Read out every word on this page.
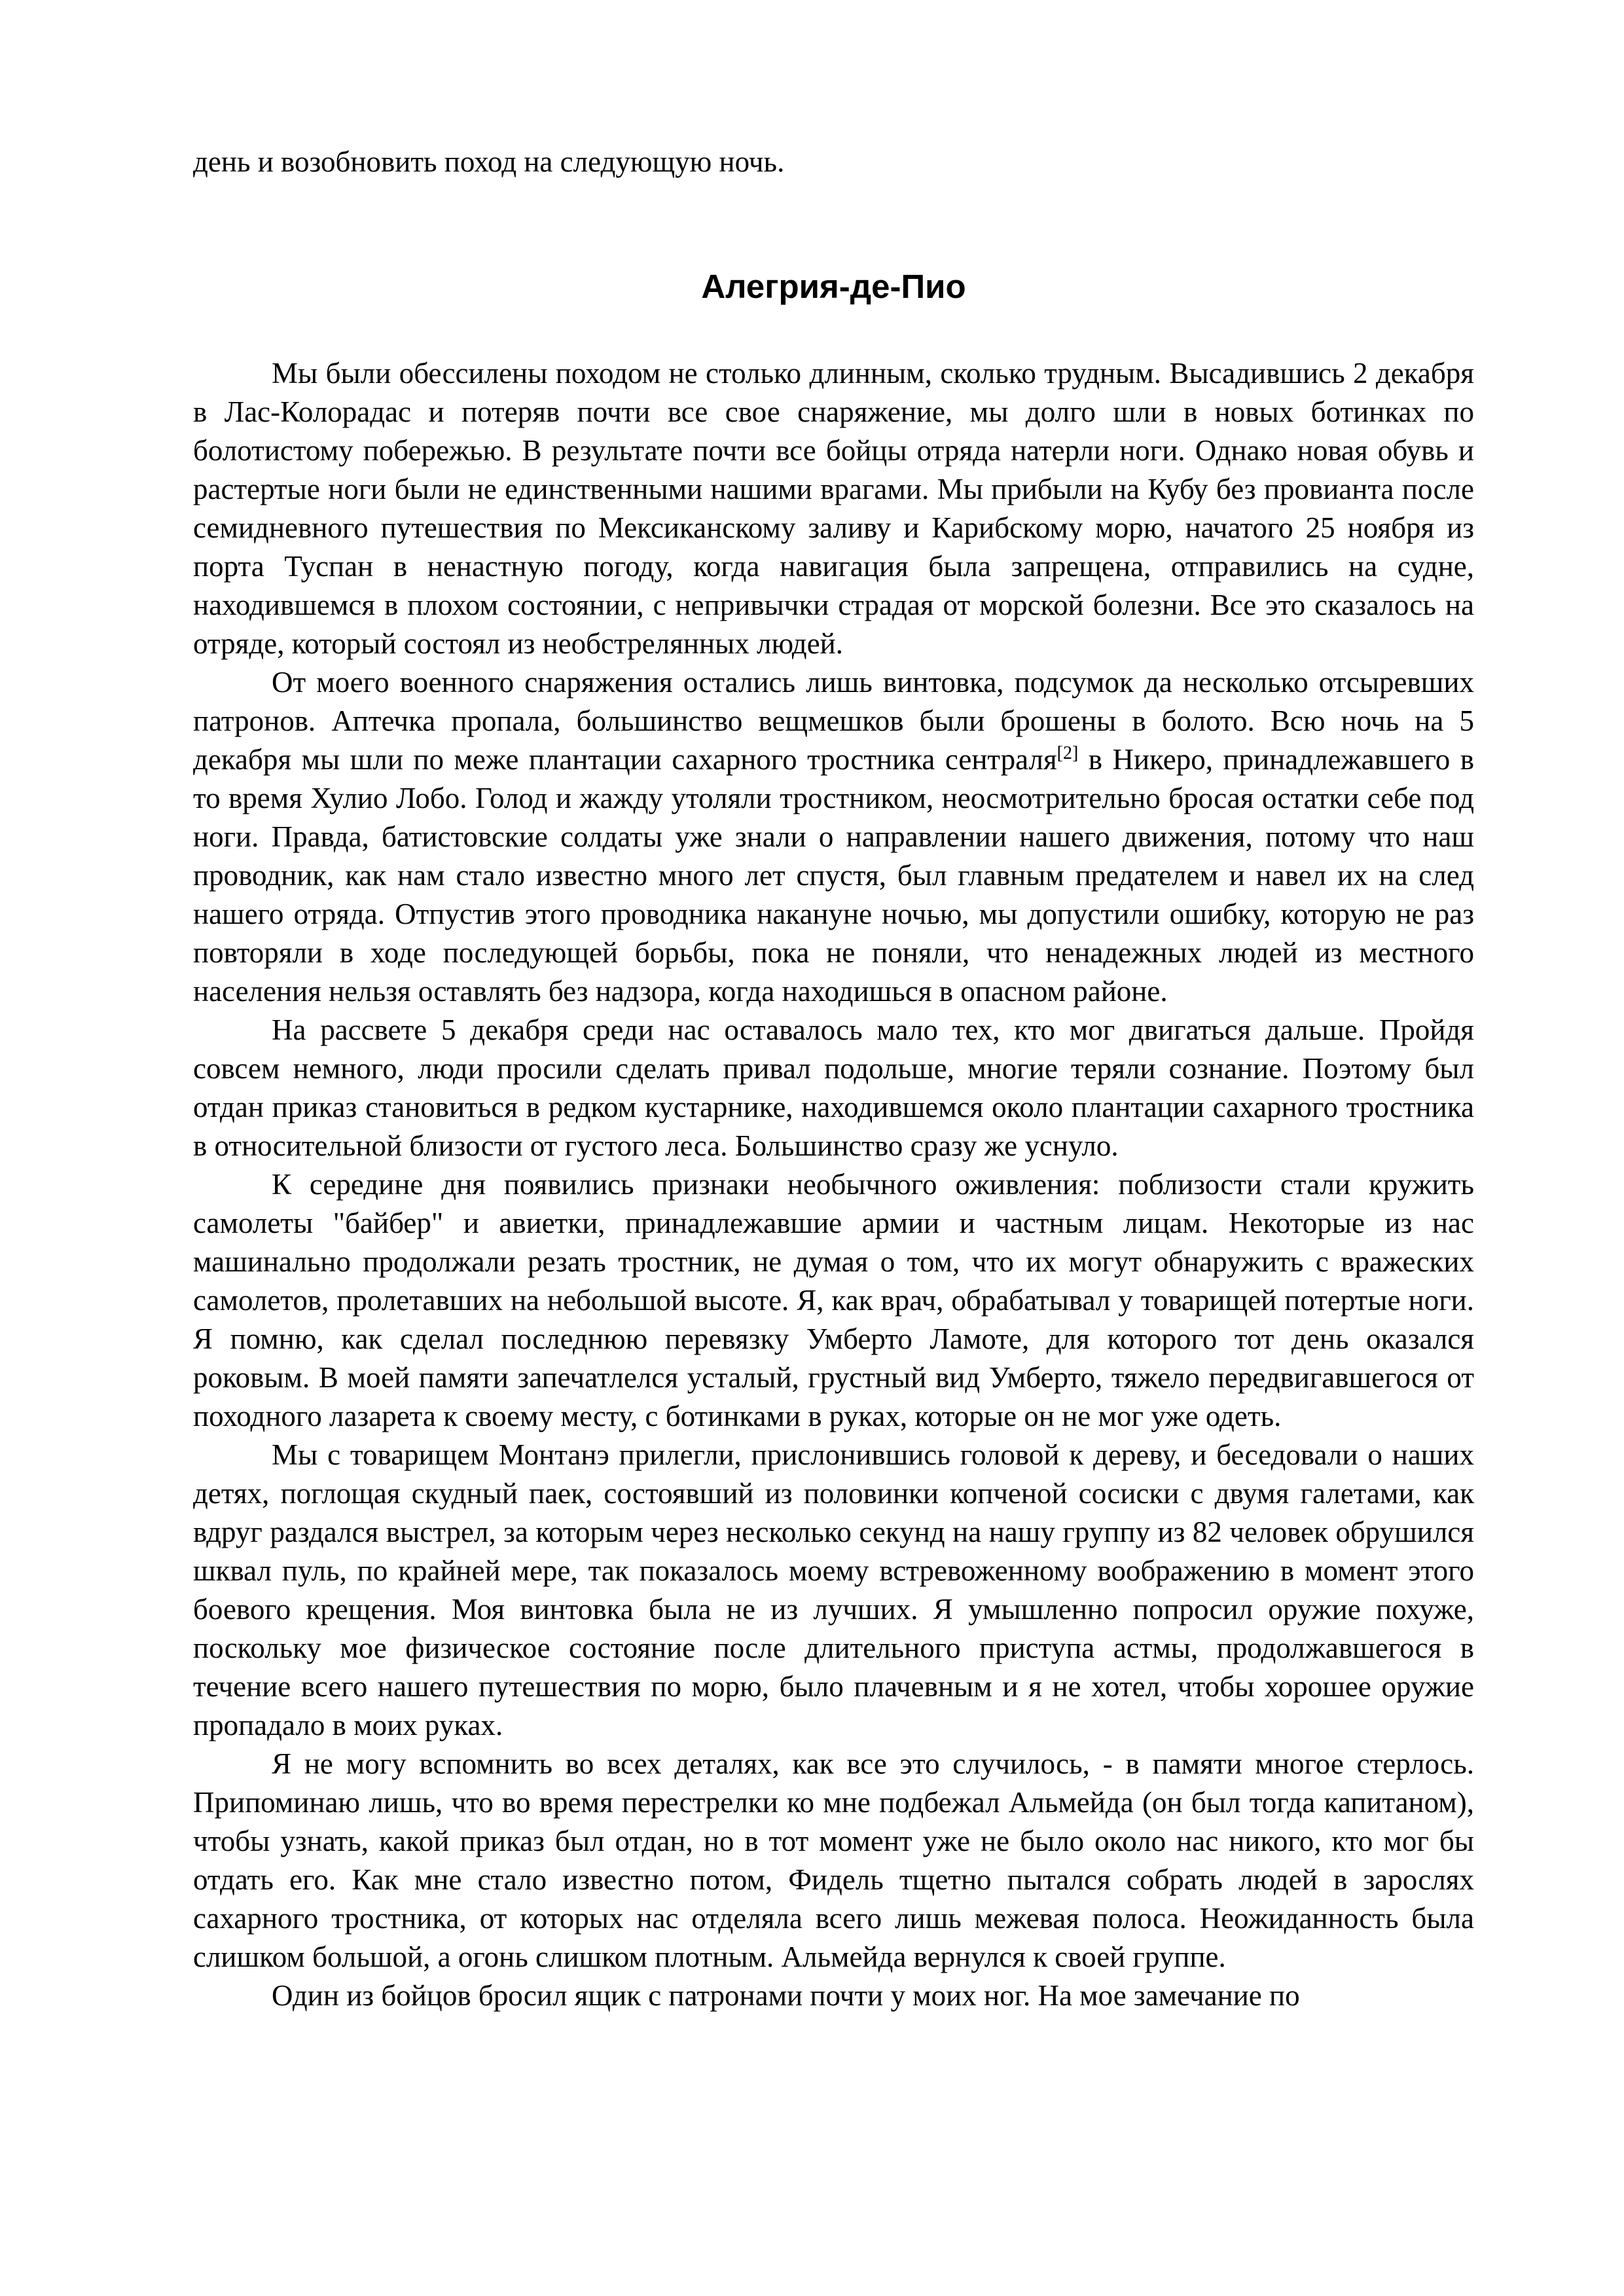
день и возобновить поход на следующую ночь.

Алегрия-де-Пио

Мы были обессилены походом не столько длинным, сколько трудным. Высадившись 2 декабря в Лас-Колорадас и потеряв почти все свое снаряжение, мы долго шли в новых ботинках по болотистому побережью. В результате почти все бойцы отряда натерли ноги. Однако новая обувь и растертые ноги были не единственными нашими врагами. Мы прибыли на Кубу без провианта после семидневного путешествия по Мексиканскому заливу и Карибскому морю, начатого 25 ноября из порта Туспан в ненастную погоду, когда навигация была запрещена, отправились на судне, находившемся в плохом состоянии, с непривычки страдая от морской болезни. Все это сказалось на отряде, который состоял из необстрелянных людей.

От моего военного снаряжения остались лишь винтовка, подсумок да несколько отсыревших патронов. Аптечка пропала, большинство вещмешков были брошены в болото. Всю ночь на 5 декабря мы шли по меже плантации сахарного тростника сентраля[2] в Никеро, принадлежавшего в то время Хулио Лобо. Голод и жажду утоляли тростником, неосмотрительно бросая остатки себе под ноги. Правда, батистовские солдаты уже знали о направлении нашего движения, потому что наш проводник, как нам стало известно много лет спустя, был главным предателем и навел их на след нашего отряда. Отпустив этого проводника накануне ночью, мы допустили ошибку, которую не раз повторяли в ходе последующей борьбы, пока не поняли, что ненадежных людей из местного населения нельзя оставлять без надзора, когда находишься в опасном районе.

На рассвете 5 декабря среди нас оставалось мало тех, кто мог двигаться дальше. Пройдя совсем немного, люди просили сделать привал подольше, многие теряли сознание. Поэтому был отдан приказ становиться в редком кустарнике, находившемся около плантации сахарного тростника в относительной близости от густого леса. Большинство сразу же уснуло.

К середине дня появились признаки необычного оживления: поблизости стали кружить самолеты "байбер" и авиетки, принадлежавшие армии и частным лицам. Некоторые из нас машинально продолжали резать тростник, не думая о том, что их могут обнаружить с вражеских самолетов, пролетавших на небольшой высоте. Я, как врач, обрабатывал у товарищей потертые ноги. Я помню, как сделал последнюю перевязку Умберто Ламоте, для которого тот день оказался роковым. В моей памяти запечатлелся усталый, грустный вид Умберто, тяжело передвигавшегося от походного лазарета к своему месту, с ботинками в руках, которые он не мог уже одеть.

Мы с товарищем Монтанэ прилегли, прислонившись головой к дереву, и беседовали о наших детях, поглощая скудный паек, состоявший из половинки копченой сосиски с двумя галетами, как вдруг раздался выстрел, за которым через несколько секунд на нашу группу из 82 человек обрушился шквал пуль, по крайней мере, так показалось моему встревоженному воображению в момент этого боевого крещения. Моя винтовка была не из лучших. Я умышленно попросил оружие похуже, поскольку мое физическое состояние после длительного приступа астмы, продолжавшегося в течение всего нашего путешествия по морю, было плачевным и я не хотел, чтобы хорошее оружие пропадало в моих руках.

Я не могу вспомнить во всех деталях, как все это случилось, - в памяти многое стерлось. Припоминаю лишь, что во время перестрелки ко мне подбежал Альмейда (он был тогда капитаном), чтобы узнать, какой приказ был отдан, но в тот момент уже не было около нас никого, кто мог бы отдать его. Как мне стало известно потом, Фидель тщетно пытался собрать людей в зарослях сахарного тростника, от которых нас отделяла всего лишь межевая полоса. Неожиданность была слишком большой, а огонь слишком плотным. Альмейда вернулся к своей группе.

Один из бойцов бросил ящик с патронами почти у моих ног. На мое замечание по
